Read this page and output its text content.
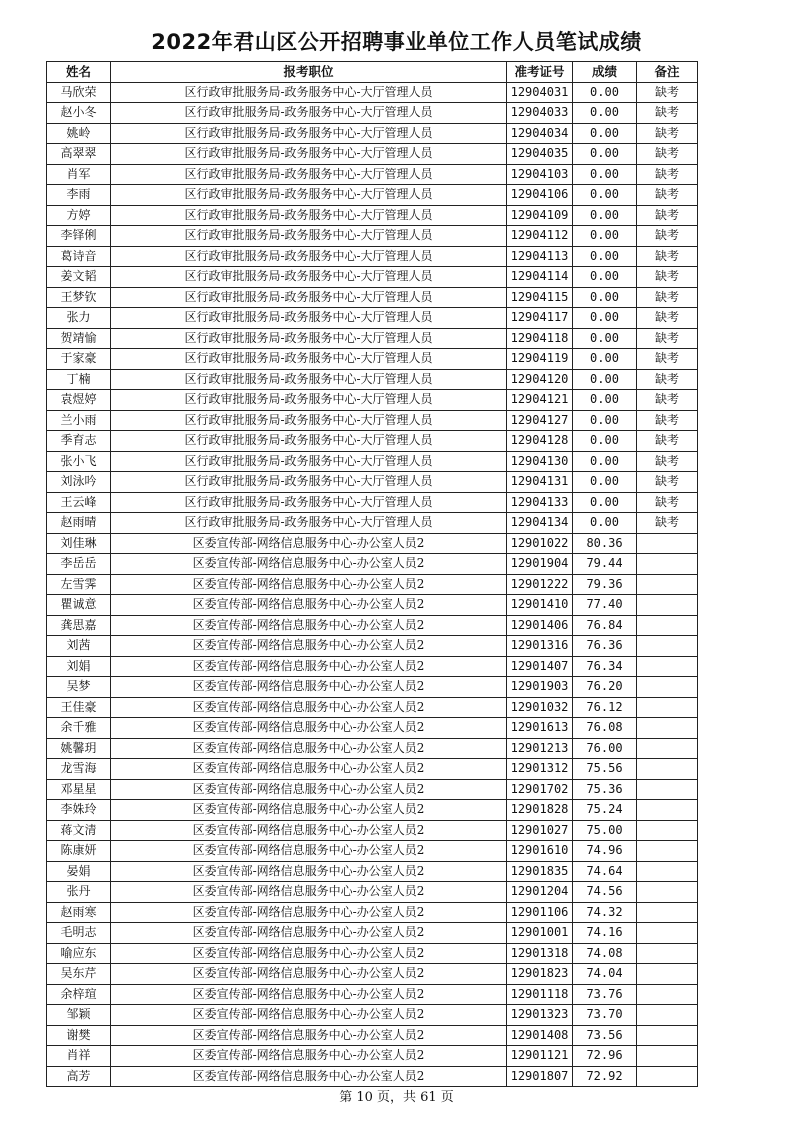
2022年君山区公开招聘事业单位工作人员笔试成绩
姓名	报考职位	准考证号	成绩	备注
马欣荣	区行政审批服务局-政务服务中心-大厅管理人员	12904031	0.00	缺考
赵小冬	区行政审批服务局-政务服务中心-大厅管理人员	12904033	0.00	缺考
姚岭	区行政审批服务局-政务服务中心-大厅管理人员	12904034	0.00	缺考
高翠翠	区行政审批服务局-政务服务中心-大厅管理人员	12904035	0.00	缺考
肖军	区行政审批服务局-政务服务中心-大厅管理人员	12904103	0.00	缺考
李雨	区行政审批服务局-政务服务中心-大厅管理人员	12904106	0.00	缺考
方婷	区行政审批服务局-政务服务中心-大厅管理人员	12904109	0.00	缺考
李铎俐	区行政审批服务局-政务服务中心-大厅管理人员	12904112	0.00	缺考
葛诗音	区行政审批服务局-政务服务中心-大厅管理人员	12904113	0.00	缺考
姜文韬	区行政审批服务局-政务服务中心-大厅管理人员	12904114	0.00	缺考
王梦钦	区行政审批服务局-政务服务中心-大厅管理人员	12904115	0.00	缺考
张力	区行政审批服务局-政务服务中心-大厅管理人员	12904117	0.00	缺考
贺靖愉	区行政审批服务局-政务服务中心-大厅管理人员	12904118	0.00	缺考
于家豪	区行政审批服务局-政务服务中心-大厅管理人员	12904119	0.00	缺考
丁楠	区行政审批服务局-政务服务中心-大厅管理人员	12904120	0.00	缺考
袁煜婷	区行政审批服务局-政务服务中心-大厅管理人员	12904121	0.00	缺考
兰小雨	区行政审批服务局-政务服务中心-大厅管理人员	12904127	0.00	缺考
季育志	区行政审批服务局-政务服务中心-大厅管理人员	12904128	0.00	缺考
张小飞	区行政审批服务局-政务服务中心-大厅管理人员	12904130	0.00	缺考
刘泳吟	区行政审批服务局-政务服务中心-大厅管理人员	12904131	0.00	缺考
王云峰	区行政审批服务局-政务服务中心-大厅管理人员	12904133	0.00	缺考
赵雨晴	区行政审批服务局-政务服务中心-大厅管理人员	12904134	0.00	缺考
刘佳琳	区委宣传部-网络信息服务中心-办公室人员2	12901022	80.36	
李岳岳	区委宣传部-网络信息服务中心-办公室人员2	12901904	79.44	
左雪霁	区委宣传部-网络信息服务中心-办公室人员2	12901222	79.36	
瞿诚意	区委宣传部-网络信息服务中心-办公室人员2	12901410	77.40	
龚思嘉	区委宣传部-网络信息服务中心-办公室人员2	12901406	76.84	
刘茜	区委宣传部-网络信息服务中心-办公室人员2	12901316	76.36	
刘娟	区委宣传部-网络信息服务中心-办公室人员2	12901407	76.34	
吴梦	区委宣传部-网络信息服务中心-办公室人员2	12901903	76.20	
王佳豪	区委宣传部-网络信息服务中心-办公室人员2	12901032	76.12	
余千雅	区委宣传部-网络信息服务中心-办公室人员2	12901613	76.08	
姚馨玥	区委宣传部-网络信息服务中心-办公室人员2	12901213	76.00	
龙雪海	区委宣传部-网络信息服务中心-办公室人员2	12901312	75.56	
邓星星	区委宣传部-网络信息服务中心-办公室人员2	12901702	75.36	
李姝玲	区委宣传部-网络信息服务中心-办公室人员2	12901828	75.24	
蒋文清	区委宣传部-网络信息服务中心-办公室人员2	12901027	75.00	
陈康妍	区委宣传部-网络信息服务中心-办公室人员2	12901610	74.96	
晏娟	区委宣传部-网络信息服务中心-办公室人员2	12901835	74.64	
张丹	区委宣传部-网络信息服务中心-办公室人员2	12901204	74.56	
赵雨寒	区委宣传部-网络信息服务中心-办公室人员2	12901106	74.32	
毛明志	区委宣传部-网络信息服务中心-办公室人员2	12901001	74.16	
喻应东	区委宣传部-网络信息服务中心-办公室人员2	12901318	74.08	
吴东芹	区委宣传部-网络信息服务中心-办公室人员2	12901823	74.04	
余梓瑄	区委宣传部-网络信息服务中心-办公室人员2	12901118	73.76	
邹颖	区委宣传部-网络信息服务中心-办公室人员2	12901323	73.70	
谢樊	区委宣传部-网络信息服务中心-办公室人员2	12901408	73.56	
肖祥	区委宣传部-网络信息服务中心-办公室人员2	12901121	72.96	
高芳	区委宣传部-网络信息服务中心-办公室人员2	12901807	72.92	
第 10 页，共 61 页
